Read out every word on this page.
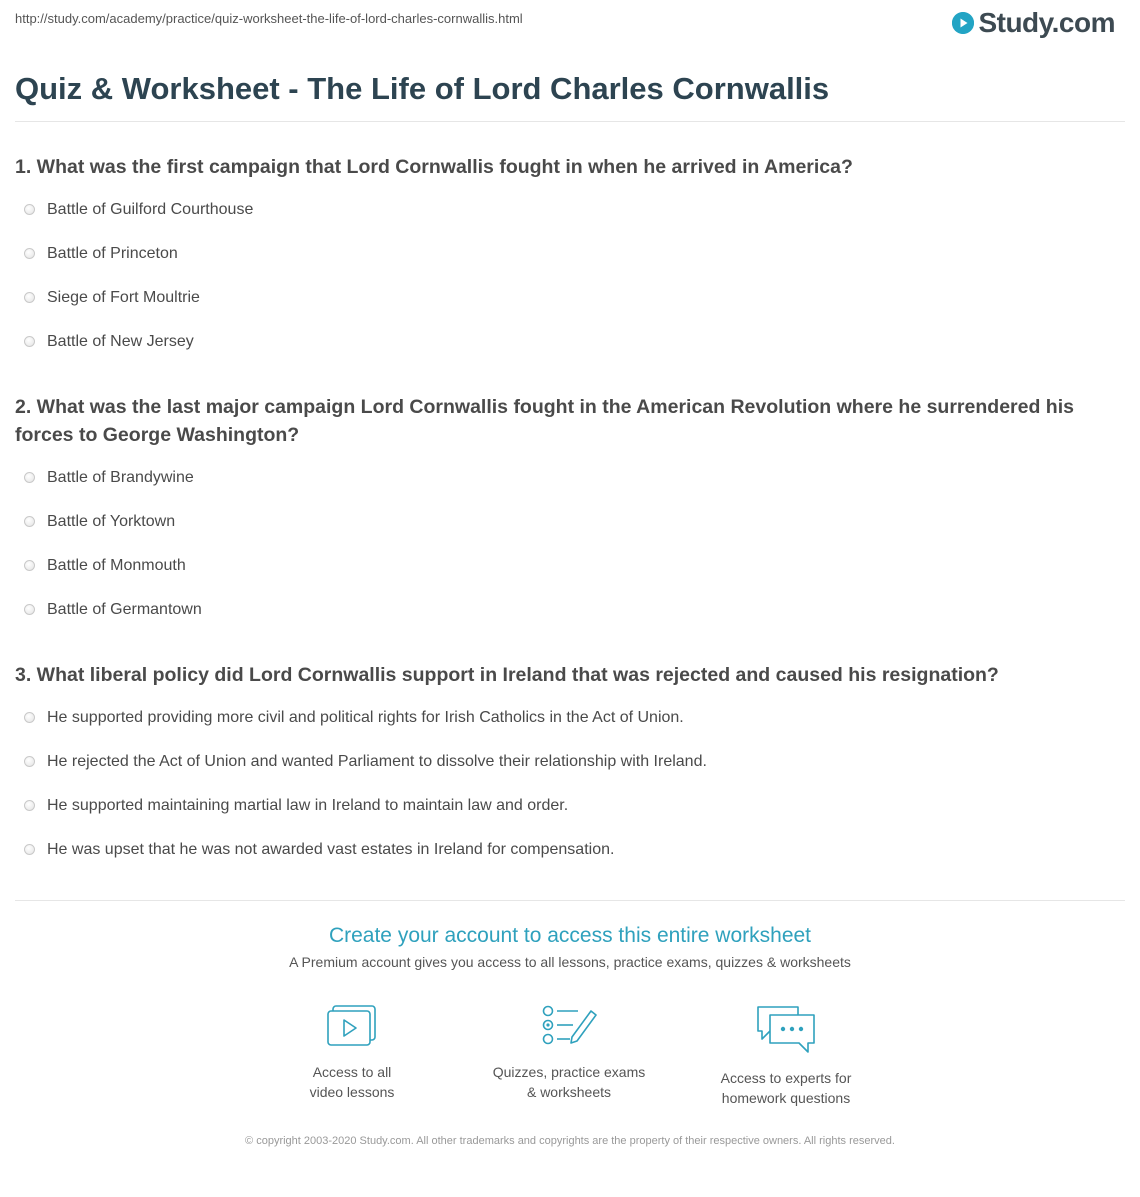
http://study.com/academy/practice/quiz-worksheet-the-life-of-lord-charles-cornwallis.html	Study.com
Quiz & Worksheet - The Life of Lord Charles Cornwallis
1. What was the first campaign that Lord Cornwallis fought in when he arrived in America?
Battle of Guilford Courthouse
Battle of Princeton
Siege of Fort Moultrie
Battle of New Jersey
2. What was the last major campaign Lord Cornwallis fought in the American Revolution where he surrendered his forces to George Washington?
Battle of Brandywine
Battle of Yorktown
Battle of Monmouth
Battle of Germantown
3. What liberal policy did Lord Cornwallis support in Ireland that was rejected and caused his resignation?
He supported providing more civil and political rights for Irish Catholics in the Act of Union.
He rejected the Act of Union and wanted Parliament to dissolve their relationship with Ireland.
He supported maintaining martial law in Ireland to maintain law and order.
He was upset that he was not awarded vast estates in Ireland for compensation.
Create your account to access this entire worksheet
A Premium account gives you access to all lessons, practice exams, quizzes & worksheets
Access to all
video lessons
Quizzes, practice exams
& worksheets
Access to experts for
homework questions
© copyright 2003-2020 Study.com. All other trademarks and copyrights are the property of their respective owners. All rights reserved.
